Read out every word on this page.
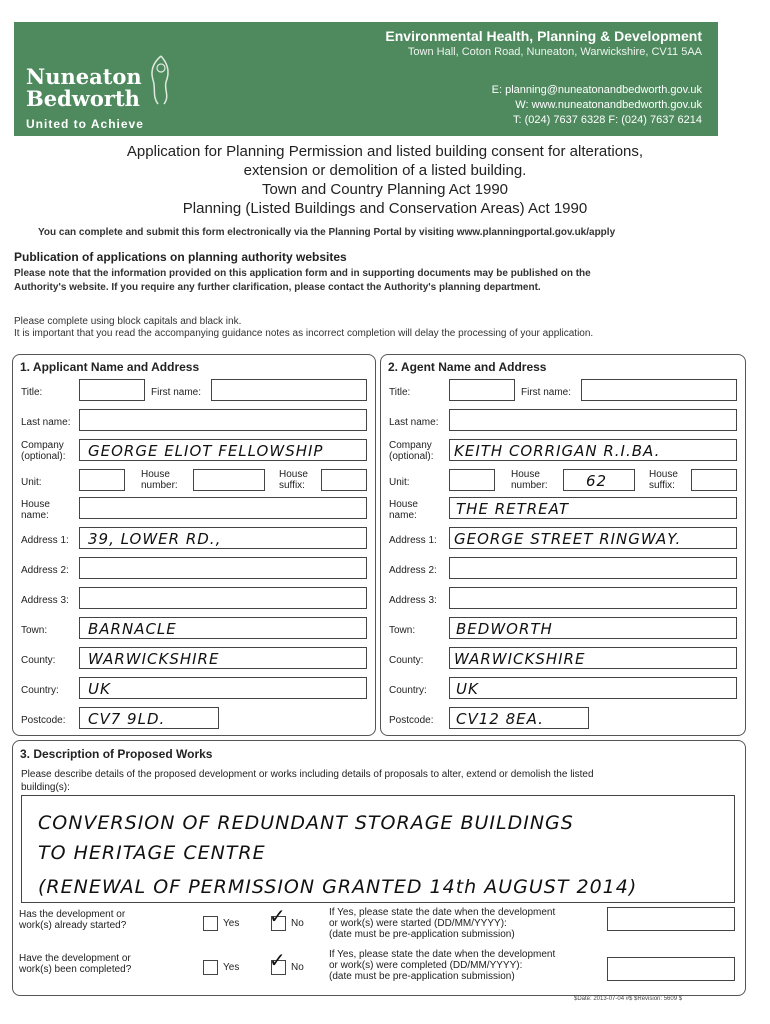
Nuneaton
Bedworth
United to Achieve
Environmental Health, Planning & Development
Town Hall, Coton Road, Nuneaton, Warwickshire, CV11 5AA
E: planning@nuneatonandbedworth.gov.uk
W: www.nuneatonandbedworth.gov.uk
T: (024) 7637 6328 F: (024) 7637 6214
Application for Planning Permission and listed building consent for alterations,
extension or demolition of a listed building.
Town and Country Planning Act 1990
Planning (Listed Buildings and Conservation Areas) Act 1990
You can complete and submit this form electronically via the Planning Portal by visiting www.planningportal.gov.uk/apply
Publication of applications on planning authority websites
Please note that the information provided on this application form and in supporting documents may be published on the
Authority's website. If you require any further clarification, please contact the Authority's planning department.
Please complete using block capitals and black ink.
It is important that you read the accompanying guidance notes as incorrect completion will delay the processing of your application.
1. Applicant Name and Address
Title:	First name:
Last name:
Company
(optional): GEORGE ELIOT FELLOWSHIP
Unit:
House
number:
House
suffix:
House
name:
Address 1: 39, LOWER RD.,
Address 2:
Address 3:
Town:	BARNACLE
County: WARWICKSHIRE
Country: UK
Postcode: CV7 9LD.
2. Agent Name and Address
Title:	First name:
Last name:
Company
(optional): KEITH CORRIGAN R.I.BA.
Unit:
House
number:	62	House
suffix:
House
name:	THE RETREAT
Address 1: GEORGE STREET RINGWAY.
Address 2:
Address 3:
Town:	BEDWORTH
County: WARWICKSHIRE
Country: UK
Postcode: CV12 8EA.
3. Description of Proposed Works
Please describe details of the proposed development or works including details of proposals to alter, extend or demolish the listed
building(s):
CONVERSION OF REDUNDANT STORAGE BUILDINGS
TO HERITAGE CENTRE
(RENEWAL OF PERMISSION GRANTED 14th AUGUST 2014)
Has the development or
work(s) already started?	Yes ✓ No
If Yes, please state the date when the development
or work(s) were started (DD/MM/YYYY):
(date must be pre-application submission)
Have the development or
work(s) been completed?	Yes ✓ No
If Yes, please state the date when the development
or work(s) were completed (DD/MM/YYYY):
(date must be pre-application submission)
$Date: 2013-07-04 #$ $Revision: 5609 $
